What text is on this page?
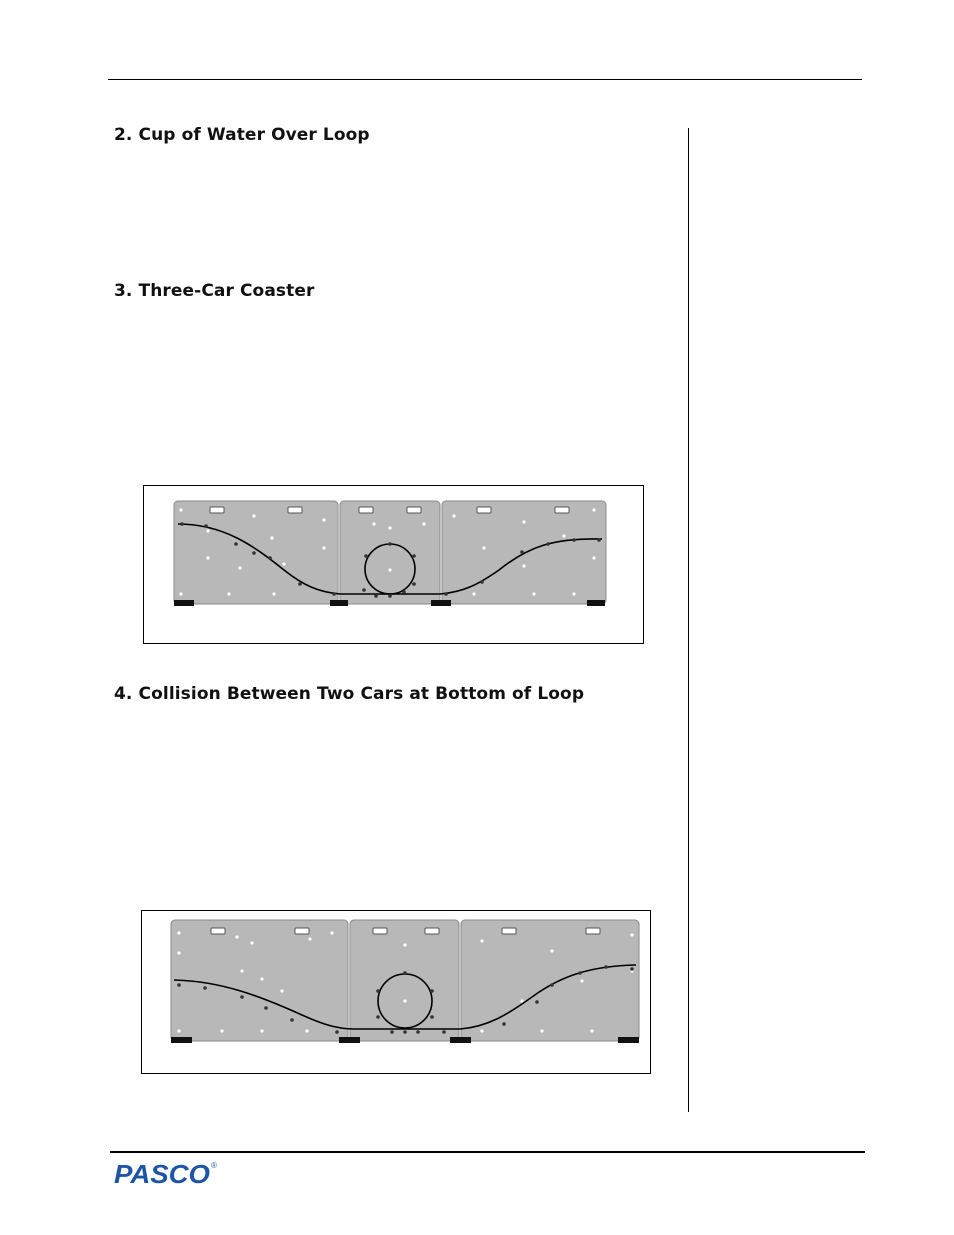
2. Cup of Water Over Loop
3. Three-Car Coaster
4. Collision Between Two Cars at Bottom of Loop
PASCO ®
